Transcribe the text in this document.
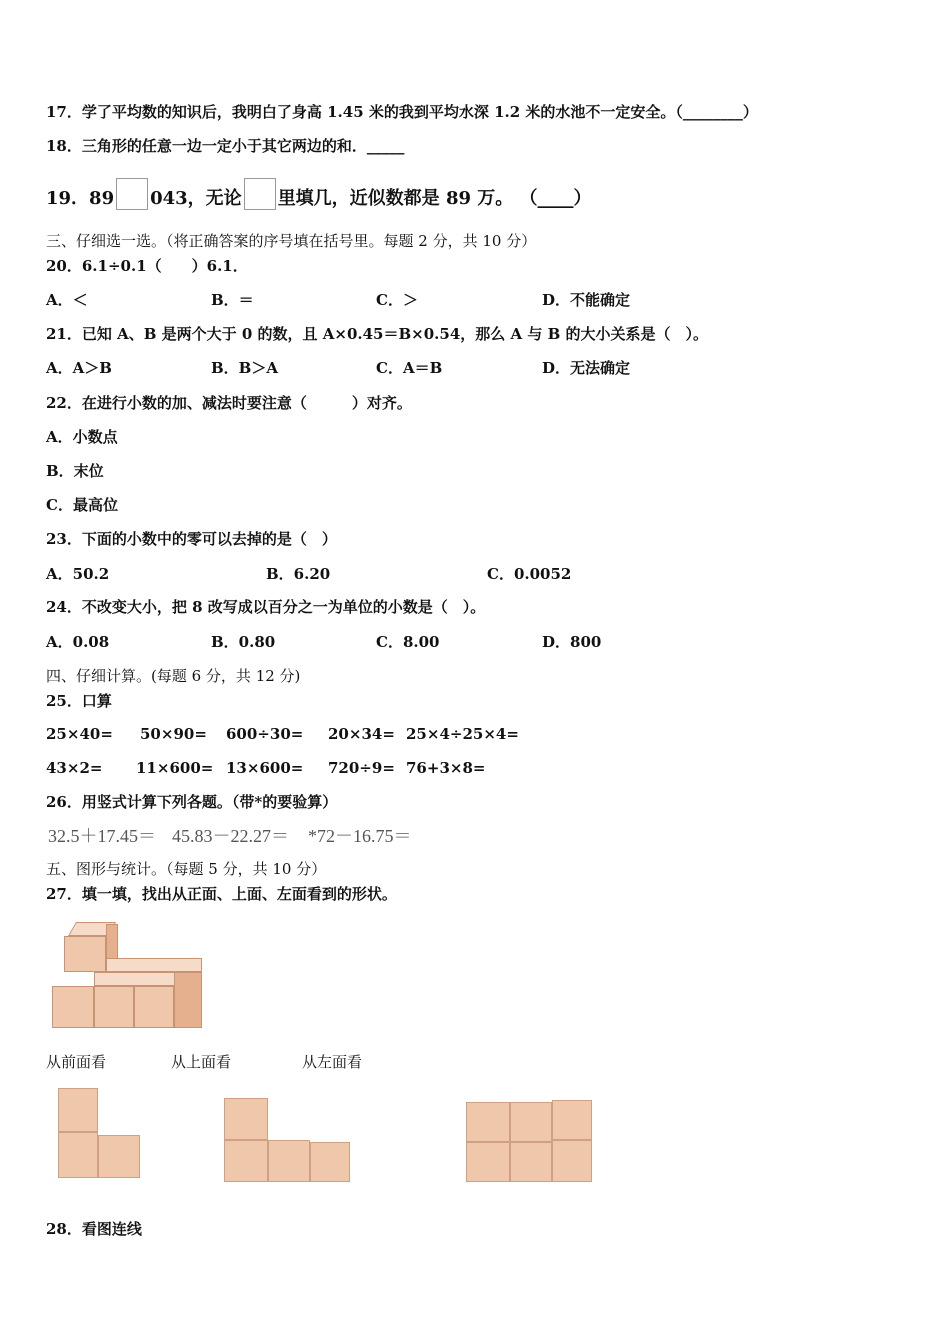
17．学了平均数的知识后，我明白了身高 1.45 米的我到平均水深 1.2 米的水池不一定安全。（________）
18．三角形的任意一边一定小于其它两边的和．_____
19．89 043，无论 里填几，近似数都是 89 万。 （____）
三、仔细选一选。（将正确答案的序号填在括号里。每题 2 分，共 10 分）
20．6.1÷0.1（　　）6.1．
A．＜	B．＝	C．＞	D．不能确定
21．已知 A、B 是两个大于 0 的数，且 A×0.45＝B×0.54，那么 A 与 B 的大小关系是（　）。
A．A＞B	B．B＞A	C．A＝B	D．无法确定
22．在进行小数的加、减法时要注意（　　　）对齐。
A．小数点
B．末位
C．最高位
23．下面的小数中的零可以去掉的是（　）
A．50.2	B．6.20	C．0.0052
24．不改变大小，把 8 改写成以百分之一为单位的小数是（　）。
A．0.08	B．0.80	C．8.00	D．800
四、仔细计算。(每题 6 分，共 12 分)
25．口算
25×40= 50×90= 600÷30= 20×34= 25×4÷25×4=
43×2= 11×600= 13×600= 720÷9= 76+3×8=
26．用竖式计算下列各题。（带*的要验算）
32.5＋17.45＝ 45.83－22.27＝ *72－16.75＝
五、图形与统计。（每题 5 分，共 10 分）
27．填一填，找出从正面、上面、左面看到的形状。
从前面看	从上面看	从左面看
28．看图连线
